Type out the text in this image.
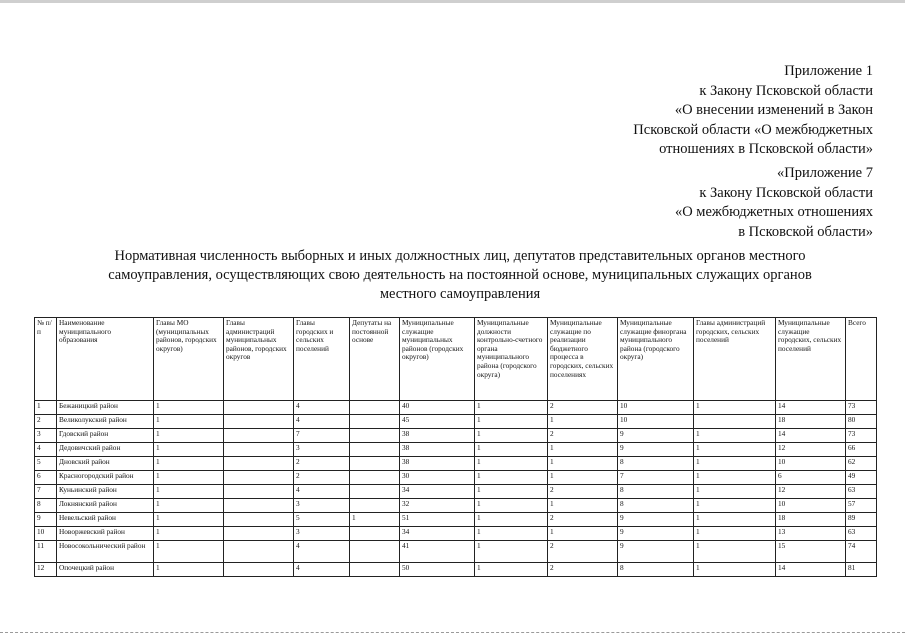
Приложение 1
к Закону Псковской области
«О внесении изменений в Закон
Псковской области «О межбюджетных
отношениях в Псковской области»
«Приложение 7
к Закону Псковской области
«О межбюджетных отношениях
в Псковской области»
Нормативная численность выборных и иных должностных лиц, депутатов представительных органов местного
самоуправления, осуществляющих свою деятельность на постоянной основе, муниципальных служащих органов
местного самоуправления
№ п/п	Наименование муниципального образования	Главы МО (муниципальных районов, городских округов)	Главы администраций муниципальных районов, городских округов	Главы городских и сельских поселений	Депутаты на постоянной основе	Муниципальные служащие муниципальных районов (городских округов)	Муниципальные должности контрольно-счетного органа муниципального района (городского округа)	Муниципальные служащие по реализации бюджетного процесса в городских, сельских поселениях	Муниципальные служащие финоргана муниципального района (городского округа)	Главы администраций городских, сельских поселений	Муниципальные служащие городских, сельских поселений	Всего
1	Бежаницкий район	1		4		40	1	2	10	1	14	73
2	Великолукский район	1		4		45	1	1	10		18	80
3	Гдовский район	1		7		38	1	2	9	1	14	73
4	Дедовичский район	1		3		38	1	1	9	1	12	66
5	Дновский район	1		2		38	1	1	8	1	10	62
6	Красногородский район	1		2		30	1	1	7	1	6	49
7	Куньинский район	1		4		34	1	2	8	1	12	63
8	Локнянский район	1		3		32	1	1	8	1	10	57
9	Невельский район	1		5	1	51	1	2	9	1	18	89
10	Новоржевский район	1		3		34	1	1	9	1	13	63
11	Новосокольнический район	1		4		41	1	2	9	1	15	74
12	Опочецкий район	1		4		50	1	2	8	1	14	81
